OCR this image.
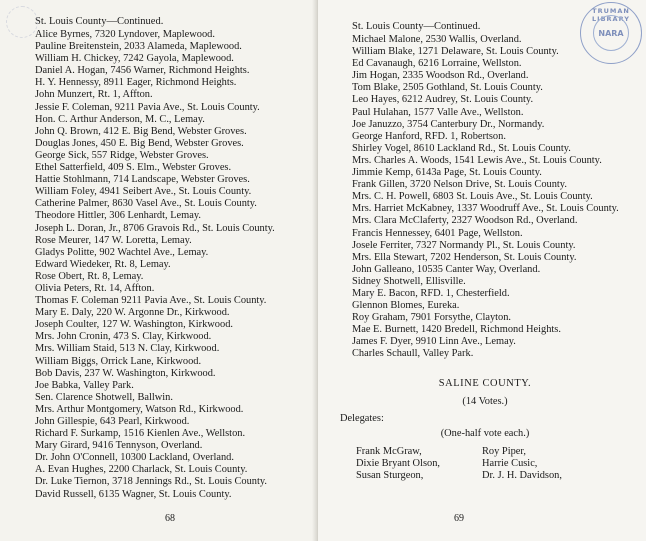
St. Louis County—Continued.

Alice Byrnes, 7320 Lyndover, Maplewood.
Pauline Breitenstein, 2033 Alameda, Maplewood.
William H. Chickey, 7242 Gayola, Maplewood.
Daniel A. Hogan, 7456 Warner, Richmond Heights.
H. Y. Hennessy, 8911 Eager, Richmond Heights.
John Munzert, Rt. 1, Affton.
Jessie F. Coleman, 9211 Pavia Ave., St. Louis County.
Hon. C. Arthur Anderson, M. C., Lemay.
John Q. Brown, 412 E. Big Bend, Webster Groves.
Douglas Jones, 450 E. Big Bend, Webster Groves.
George Sick, 557 Ridge, Webster Groves.
Ethel Satterfield, 409 S. Elm., Webster Groves.
Hattie Stohlmann, 714 Landscape, Webster Groves.
William Foley, 4941 Seibert Ave., St. Louis County.
Catherine Palmer, 8630 Vasel Ave., St. Louis County.
Theodore Hittler, 306 Lenhardt, Lemay.
Joseph L. Doran, Jr., 8706 Gravois Rd., St. Louis County.
Rose Meurer, 147 W. Loretta, Lemay.
Gladys Politte, 902 Wachtel Ave., Lemay.
Edward Wiedeker, Rt. 8, Lemay.
Rose Obert, Rt. 8, Lemay.
Olivia Peters, Rt. 14, Affton.
Thomas F. Coleman 9211 Pavia Ave., St. Louis County.
Mary E. Daly, 220 W. Argonne Dr., Kirkwood.
Joseph Coulter, 127 W. Washington, Kirkwood.
Mrs. John Cronin, 473 S. Clay, Kirkwood.
Mrs. William Staid, 513 N. Clay, Kirkwood.
William Biggs, Orrick Lane, Kirkwood.
Bob Davis, 237 W. Washington, Kirkwood.
Joe Babka, Valley Park.
Sen. Clarence Shotwell, Ballwin.
Mrs. Arthur Montgomery, Watson Rd., Kirkwood.
John Gillespie, 643 Pearl, Kirkwood.
Richard F. Surkamp, 1516 Kienlen Ave., Wellston.
Mary Girard, 9416 Tennyson, Overland.
Dr. John O'Connell, 10300 Lackland, Overland.
A. Evan Hughes, 2200 Charlack, St. Louis County.
Dr. Luke Tiernon, 3718 Jennings Rd., St. Louis County.
David Russell, 6135 Wagner, St. Louis County.
68
TRUMAN LIBRARY
NARA

St. Louis County—Continued.

Michael Malone, 2530 Wallis, Overland.
William Blake, 1271 Delaware, St. Louis County.
Ed Cavanaugh, 6216 Lorraine, Wellston.
Jim Hogan, 2335 Woodson Rd., Overland.
Tom Blake, 2505 Gothland, St. Louis County.
Leo Hayes, 6212 Audrey, St. Louis County.
Paul Hulahan, 1577 Valle Ave., Wellston.
Joe Januzzo, 3754 Canterbury Dr., Normandy.
George Hanford, RFD. 1, Robertson.
Shirley Vogel, 8610 Lackland Rd., St. Louis County.
Mrs. Charles A. Woods, 1541 Lewis Ave., St. Louis County.
Jimmie Kemp, 6143a Page, St. Louis County.
Frank Gillen, 3720 Nelson Drive, St. Louis County.
Mrs. C. H. Powell, 6803 St. Louis Ave., St. Louis County.
Mrs. Harriet McKabney, 1337 Woodruff Ave., St. Louis County.
Mrs. Clara McClaferty, 2327 Woodson Rd., Overland.
Francis Hennessey, 6401 Page, Wellston.
Josele Ferriter, 7327 Normandy Pl., St. Louis County.
Mrs. Ella Stewart, 7202 Henderson, St. Louis County.
John Galleano, 10535 Canter Way, Overland.
Sidney Shotwell, Ellisville.
Mary E. Bacon, RFD. 1, Chesterfield.
Glennon Blomes, Eureka.
Roy Graham, 7901 Forsythe, Clayton.
Mae E. Burnett, 1420 Bredell, Richmond Heights.
James F. Dyer, 9910 Linn Ave., Lemay.
Charles Schaull, Valley Park.
SALINE COUNTY.
(14 Votes.)
Delegates:
(One-half vote each.)
Frank McGraw,	Roy Piper,
Dixie Bryant Olson,	Harrie Cusic,
Susan Sturgeon,	Dr. J. H. Davidson,
69
